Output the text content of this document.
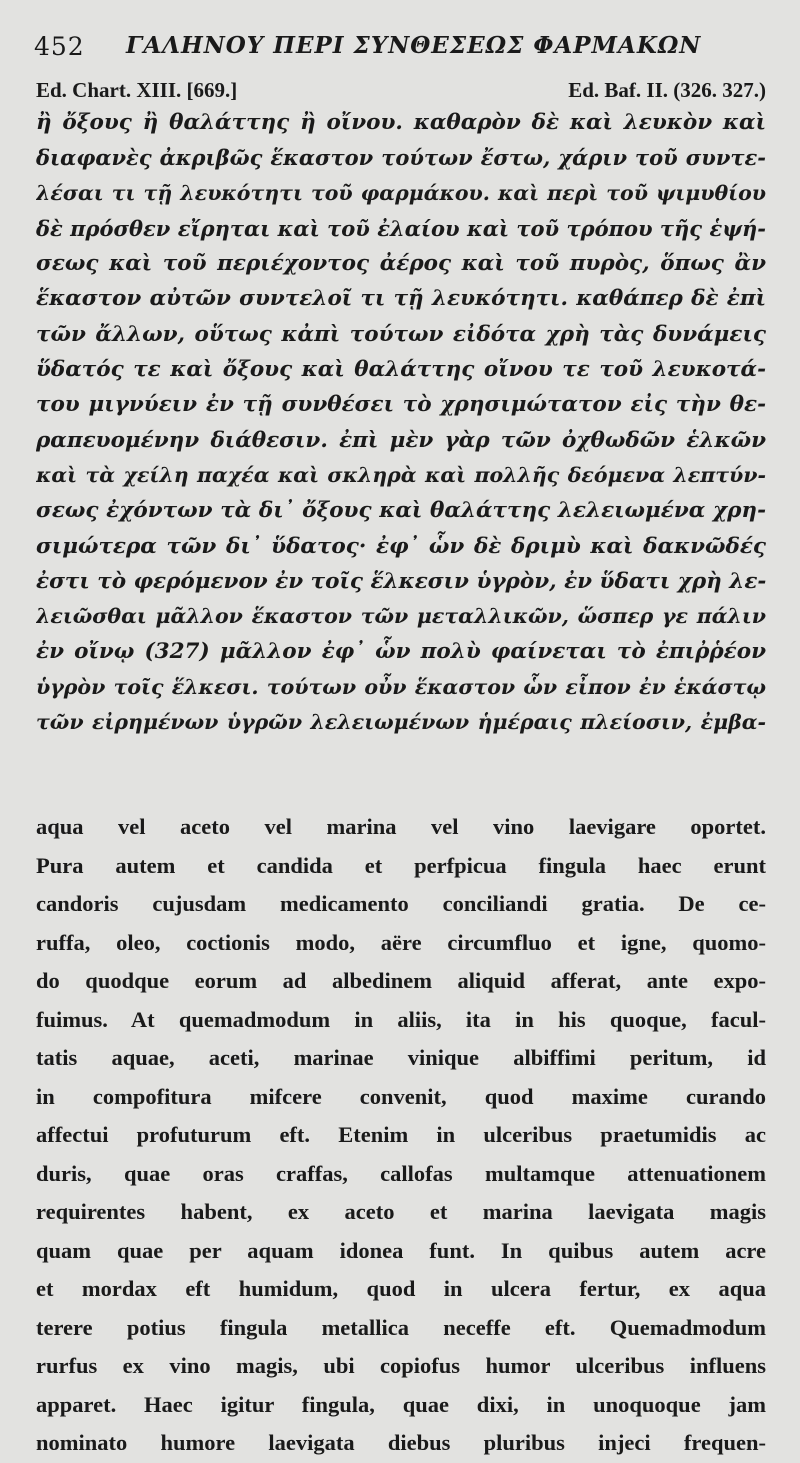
452 ΓΑΛΗΝΟΥ ΠΕΡΙ ΣΥΝΘΕΣΕΩΣ ΦΑΡΜΑΚΩΝ
Ed. Chart. XIII. [669.]	Ed. Baf. II. (326. 327.)
ἢ ὄξους ἢ θαλάττης ἢ οἴνου. καθαρὸν δὲ καὶ λευκὸν καὶ
διαφανὲς ἀκριβῶς ἕκαστον τούτων ἔστω, χάριν τοῦ συντε-
λέσαι τι τῇ λευκότητι τοῦ φαρμάκου. καὶ περὶ τοῦ ψιμυθίου
δὲ πρόσθεν εἴρηται καὶ τοῦ ἐλαίου καὶ τοῦ τρόπου τῆς ἑψή-
σεως καὶ τοῦ περιέχοντος ἀέρος καὶ τοῦ πυρὸς, ὅπως ἂν
ἕκαστον αὐτῶν συντελοῖ τι τῇ λευκότητι. καθάπερ δὲ ἐπὶ
τῶν ἄλλων, οὕτως κἀπὶ τούτων εἰδότα χρὴ τὰς δυνάμεις
ὕδατός τε καὶ ὄξους καὶ θαλάττης οἴνου τε τοῦ λευκοτά-
του μιγνύειν ἐν τῇ συνθέσει τὸ χρησιμώτατον εἰς τὴν θε-
ραπευομένην διάθεσιν. ἐπὶ μὲν γὰρ τῶν ὀχθωδῶν ἑλκῶν
καὶ τὰ χείλη παχέα καὶ σκληρὰ καὶ πολλῆς δεόμενα λεπτύν-
σεως ἐχόντων τὰ δι᾽ ὄξους καὶ θαλάττης λελειωμένα χρη-
σιμώτερα τῶν δι᾽ ὕδατος· ἐφ᾽ ὧν δὲ δριμὺ καὶ δακνῶδές
ἐστι τὸ φερόμενον ἐν τοῖς ἕλκεσιν ὑγρὸν, ἐν ὕδατι χρὴ λε-
λειῶσθαι μᾶλλον ἕκαστον τῶν μεταλλικῶν, ὥσπερ γε πάλιν
ἐν οἴνῳ (327) μᾶλλον ἐφ᾽ ὧν πολὺ φαίνεται τὸ ἐπιῤῥέον
ὑγρὸν τοῖς ἕλκεσι. τούτων οὖν ἕκαστον ὧν εἶπον ἐν ἑκάστῳ
τῶν εἰρημένων ὑγρῶν λελειωμένων ἡμέραις πλείοσιν, ἐμβα-
aqua vel aceto vel marina vel vino laevigare oportet.
Pura autem et candida et perfpicua fingula haec erunt
candoris cujusdam medicamento conciliandi gratia. De ce-
ruffa, oleo, coctionis modo, aëre circumfluo et igne, quomo-
do quodque eorum ad albedinem aliquid afferat, ante expo-
fuimus. At quemadmodum in aliis, ita in his quoque, facul-
tatis aquae, aceti, marinae vinique albiffimi peritum, id
in compofitura mifcere convenit, quod maxime curando
affectui profuturum eft. Etenim in ulceribus praetumidis ac
duris, quae oras craffas, callofas multamque attenuationem
requirentes habent, ex aceto et marina laevigata magis
quam quae per aquam idonea funt. In quibus autem acre
et mordax eft humidum, quod in ulcera fertur, ex aqua
terere potius fingula metallica neceffe eft. Quemadmodum
rurfus ex vino magis, ubi copiofus humor ulceribus influens
apparet. Haec igitur fingula, quae dixi, in unoquoque jam
nominato humore laevigata diebus pluribus injeci frequen-
